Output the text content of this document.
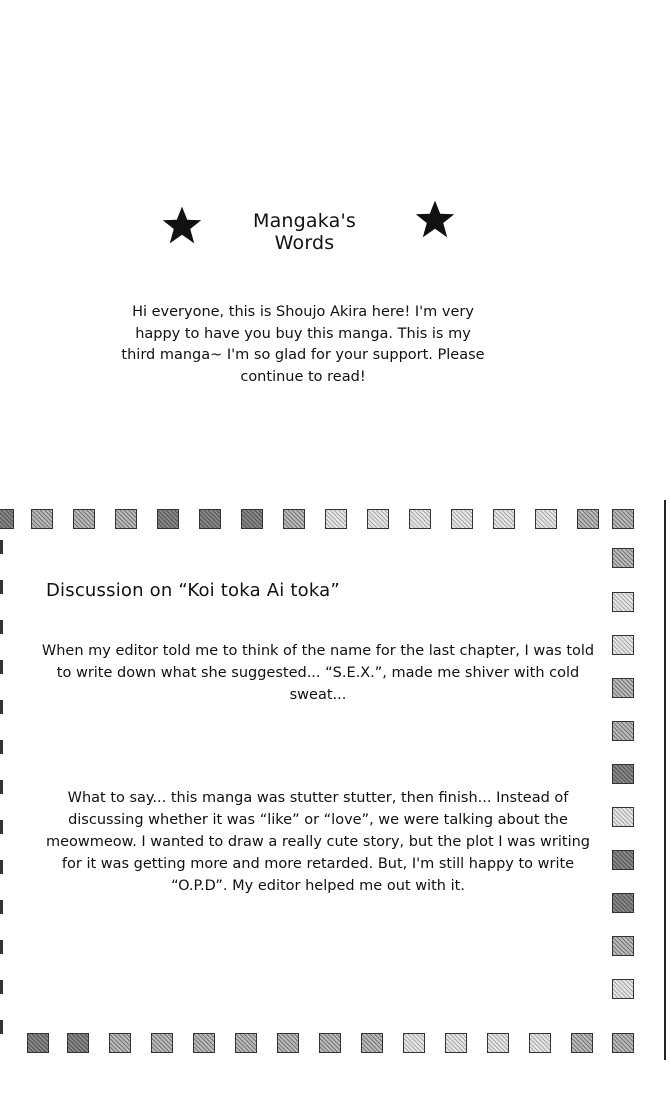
Mangaka's Words
Hi everyone, this is Shoujo Akira here! I'm very happy to have you buy this manga. This is my third manga~ I'm so glad for your support. Please continue to read!
Discussion on “Koi toka Ai toka”
When my editor told me to think of the name for the last chapter, I was told to write down what she suggested... “S.E.X.”, made me shiver with cold sweat...
What to say... this manga was stutter stutter, then finish... Instead of discussing whether it was “like” or “love”, we were talking about the meowmeow. I wanted to draw a really cute story, but the plot I was writing for it was getting more and more retarded. But, I'm still happy to write “O.P.D”. My editor helped me out with it.
